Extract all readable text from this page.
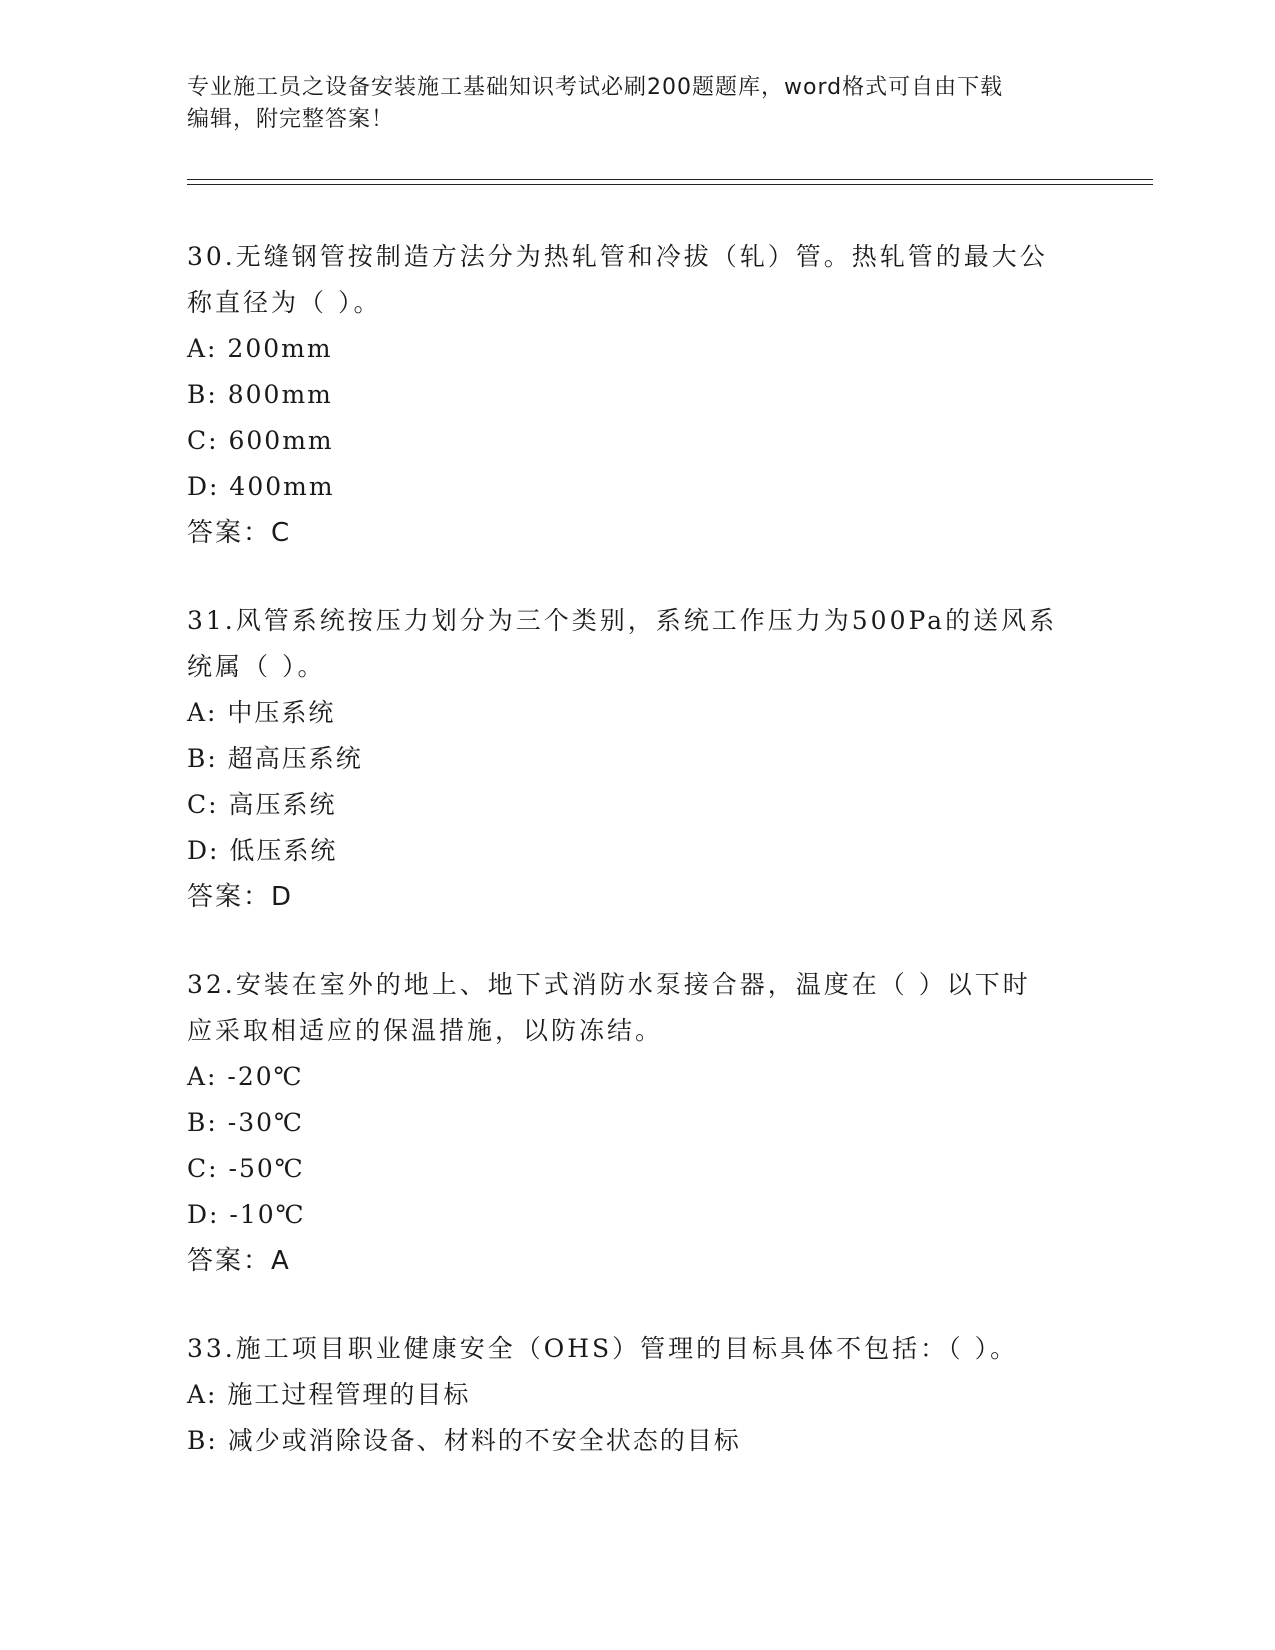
专业施工员之设备安装施工基础知识考试必刷200题题库，word格式可自由下载
编辑，附完整答案！
30.无缝钢管按制造方法分为热轧管和冷拔（轧）管。热轧管的最大公
称直径为（ ）。
A: 200mm
B: 800mm
C: 600mm
D: 400mm
答案：C
31.风管系统按压力划分为三个类别，系统工作压力为500Pa的送风系
统属（ ）。
A: 中压系统
B: 超高压系统
C: 高压系统
D: 低压系统
答案：D
32.安装在室外的地上、地下式消防水泵接合器，温度在（ ）以下时
应采取相适应的保温措施，以防冻结。
A: -20℃
B: -30℃
C: -50℃
D: -10℃
答案：A
33.施工项目职业健康安全（OHS）管理的目标具体不包括：（ ）。
A: 施工过程管理的目标
B: 减少或消除设备、材料的不安全状态的目标
